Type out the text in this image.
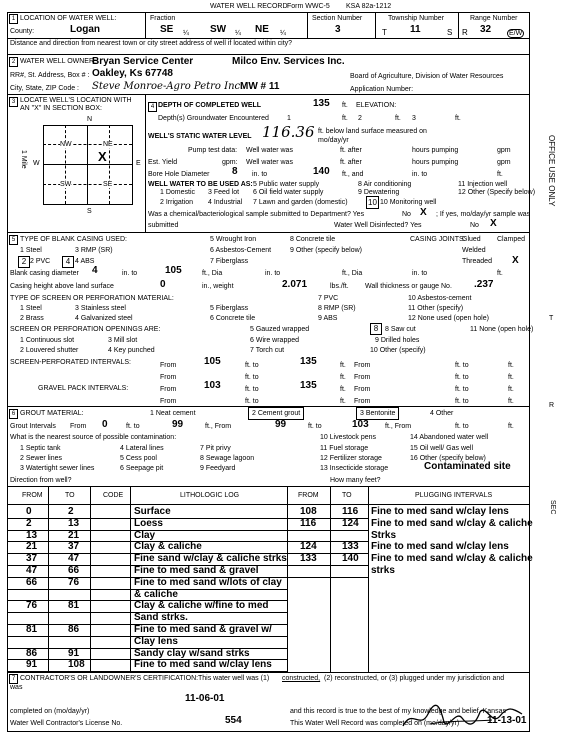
WATER WELL RECORD Form WWC-5 KSA 82a-1212
1 LOCATION OF WATER WELL:
County:	Logan
Fraction
SE ¼ SW ¼ NE ¼
Section Number
3
Township Number
T 11	S
Range Number
R 32	E/W
Distance and direction from nearest town or city street address of well if located within city?
2 WATER WELL OWNER:
Bryan Service Center	Milco Env. Services Inc.
RR#, St. Address, Box # : Oakley, Ks 67748	Board of Agriculture, Division of Water Resources
City, State, ZIP Code : Steve Monroe-Agro Petro Inc.
MW # 11	Application Number:
3 LOCATE WELL'S LOCATION WITH
AN "X" IN SECTION BOX:
N
S
W	E
1 Mile
NW	NE
SW	SE
X
4 DEPTH OF COMPLETED WELL	135 ft. ELEVATION:
Depth(s) Groundwater Encountered	1	ft. 2	ft. 3	ft.
WELL'S STATIC WATER LEVEL 116.36 ft. below land surface measured on
mo/day/yr
Pump test data: Well water was	ft. after	hours pumping	gpm
Est. Yield	gpm: Well water was	ft. after	hours pumping	gpm
Bore Hole Diameter 8 in. to	140 ft., and	in. to	ft.
WELL WATER TO BE USED AS:
1 Domestic 3 Feed lot
2 Irrigation 4 Industrial
5 Public water supply
6 Oil field water supply
7 Lawn and garden (domestic)
8 Air conditioning
9 Dewatering
10 Monitoring well
10
11 Injection well
12 Other (Specify below)
Was a chemical/bacteriological sample submitted to Department? Yes	No X ; If yes, mo/day/yr sample was
submitted	Water Well Disinfected? Yes	No X
5 TYPE OF BLANK CASING USED:
1 Steel	3 RMP (SR)
5 Wrought Iron	8 Concrete tile
2 2 PVC	4 ABS
6 Asbestos-Cement
7 Fiberglass
9 Other (specify below)
4
CASING JOINTS:
Glued Clamped
Welded
Threaded X
Blank casing diameter 4	in. to	105	ft., Dia	in. to	ft., Dia	in. to	ft.
Casing height above land surface	0	in., weight	2.071	lbs./ft. Wall thickness or gauge No. .237
TYPE OF SCREEN OR PERFORATION MATERIAL:
1 Steel	3 Stainless steel	5 Fiberglass
7 PVC	10 Asbestos-cement
2 Brass	4 Galvanized steel	6 Concrete tile
8 RMP (SR)	11 Other (specify)
9 ABS	12 None used (open hole)
SCREEN OR PERFORATION OPENINGS ARE:	5 Gauzed wrapped	8 8 Saw cut	11 None (open hole)
1 Continuous slot	3 Mill slot	6 Wire wrapped	9 Drilled holes
2 Louvered shutter	4 Key punched	7 Torch cut	10 Other (specify)
SCREEN-PERFORATED INTERVALS:	From	105	ft. to	135	ft. From	ft. to	ft.
From	ft. to	ft. From	ft. to	ft.
GRAVEL PACK INTERVALS:	From	103	ft. to	135	ft. From	ft. to	ft.
From	ft. to	ft. From	ft. to	ft.
6 GROUT MATERIAL:	1 Neat cement	2 Cement grout	3 Bentonite	4 Other
Grout Intervals From 0	ft. to	99	ft., From	99	ft. to	103 ft., From	ft. to	ft.
What is the nearest source of possible contamination:
1 Septic tank	4 Lateral lines	7 Pit privy
10 Livestock pens	14 Abandoned water well
2 Sewer lines	5 Cess pool	8 Sewage lagoon
11 Fuel storage	15 Oil well/ Gas well
3 Watertight sewer lines	6 Seepage pit	9 Feedyard	13 Insecticide storage
16 Other (specify below)
12 Fertilizer storage
Contaminated site
Direction from well?	How many feet?
FROM	TO	CODE	LITHOLOGIC LOG	FROM	TO	PLUGGING INTERVALS
0	2	Surface
2	13	Loess
13	21	Clay
21	37	Clay & caliche
37	47	Fine sand w/clay & caliche strks
47	66	Fine to med sand & gravel
66	76	Fine to med sand w/lots of clay
& caliche
76	81	Clay & caliche w/fine to med
Sand strks.
81	86	Fine to med sand & gravel w/
Clay lens
86	91	Sandy clay w/sand strks
91	108	Fine to med sand w/clay lens
108	116 Fine to med sand w/clay lens
116	124 Fine to med sand w/clay & caliche
Strks
124	133 Fine to med sand w/clay lens
133	140 Fine to med sand w/clay & caliche
strks
7 CONTRACTOR'S OR LANDOWNER'S CERTIFICATION: This water well was (1) constructed, (2) reconstructed, or (3) plugged under my jurisdiction and
was
11-06-01
completed on (mo/day/yr)	and this record is true to the best of my knowledge and belief. Kansas
Water Well Contractor's License No.	554	This Water Well Record was completed on (mo/day/yr)	11-13-01
OFFICE USE ONLY
T
R
SEC
